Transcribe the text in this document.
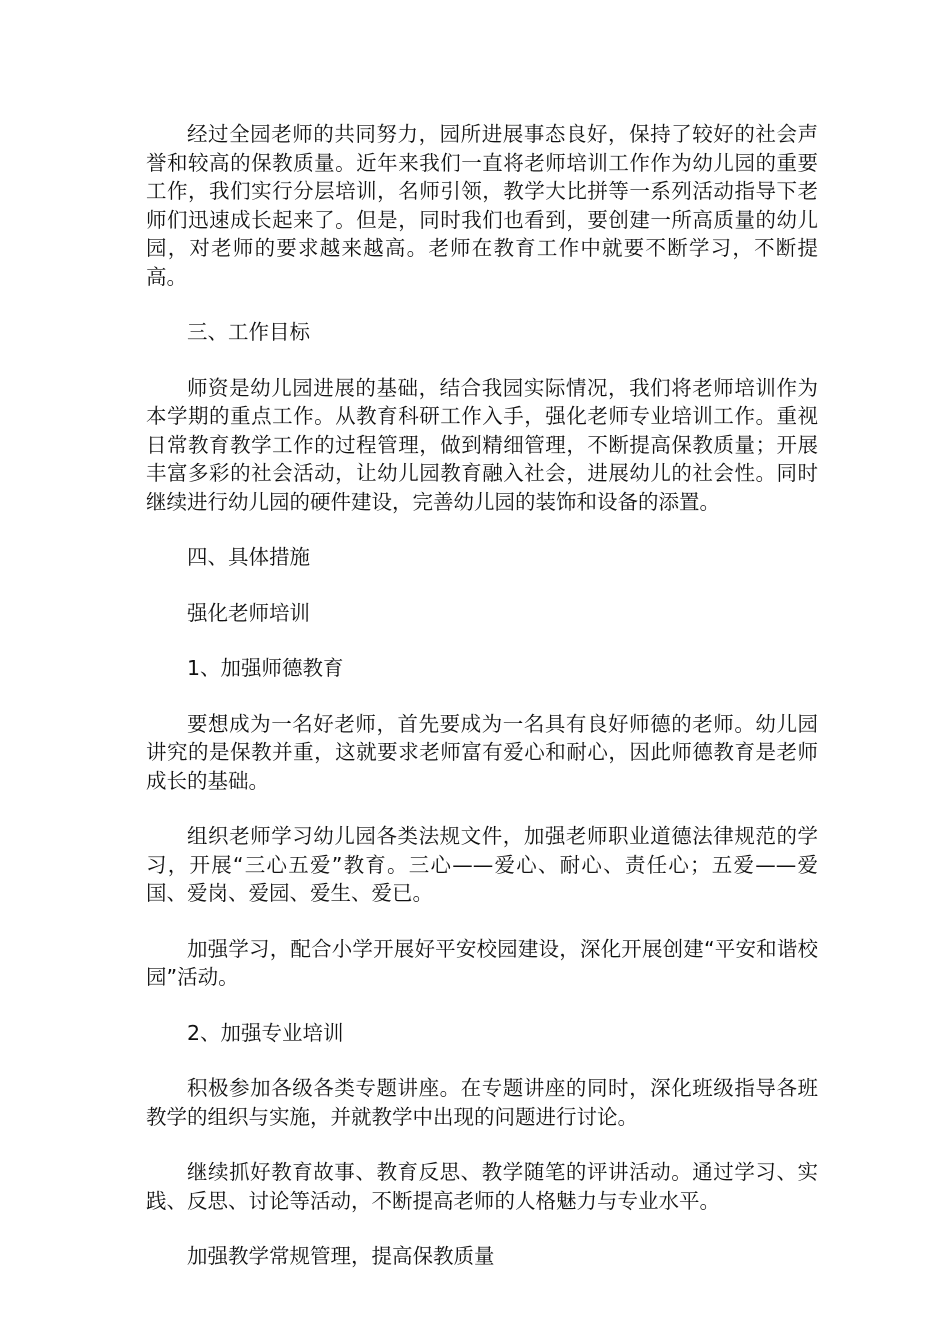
经过全园老师的共同努力，园所进展事态良好，保持了较好的社会声誉和较高的保教质量。近年来我们一直将老师培训工作作为幼儿园的重要工作，我们实行分层培训，名师引领，教学大比拼等一系列活动指导下老师们迅速成长起来了。但是，同时我们也看到，要创建一所高质量的幼儿园，对老师的要求越来越高。老师在教育工作中就要不断学习，不断提高。

三、工作目标

师资是幼儿园进展的基础，结合我园实际情况，我们将老师培训作为本学期的重点工作。从教育科研工作入手，强化老师专业培训工作。重视日常教育教学工作的过程管理，做到精细管理，不断提高保教质量；开展丰富多彩的社会活动，让幼儿园教育融入社会，进展幼儿的社会性。同时继续进行幼儿园的硬件建设，完善幼儿园的装饰和设备的添置。

四、具体措施

强化老师培训

1、加强师德教育

要想成为一名好老师，首先要成为一名具有良好师德的老师。幼儿园讲究的是保教并重，这就要求老师富有爱心和耐心，因此师德教育是老师成长的基础。

组织老师学习幼儿园各类法规文件，加强老师职业道德法律规范的学习，开展“三心五爱”教育。三心——爱心、耐心、责任心；五爱——爱国、爱岗、爱园、爱生、爱已。

加强学习，配合小学开展好平安校园建设，深化开展创建“平安和谐校园”活动。

2、加强专业培训

积极参加各级各类专题讲座。在专题讲座的同时，深化班级指导各班教学的组织与实施，并就教学中出现的问题进行讨论。

继续抓好教育故事、教育反思、教学随笔的评讲活动。通过学习、实践、反思、讨论等活动，不断提高老师的人格魅力与专业水平。

加强教学常规管理，提高保教质量
